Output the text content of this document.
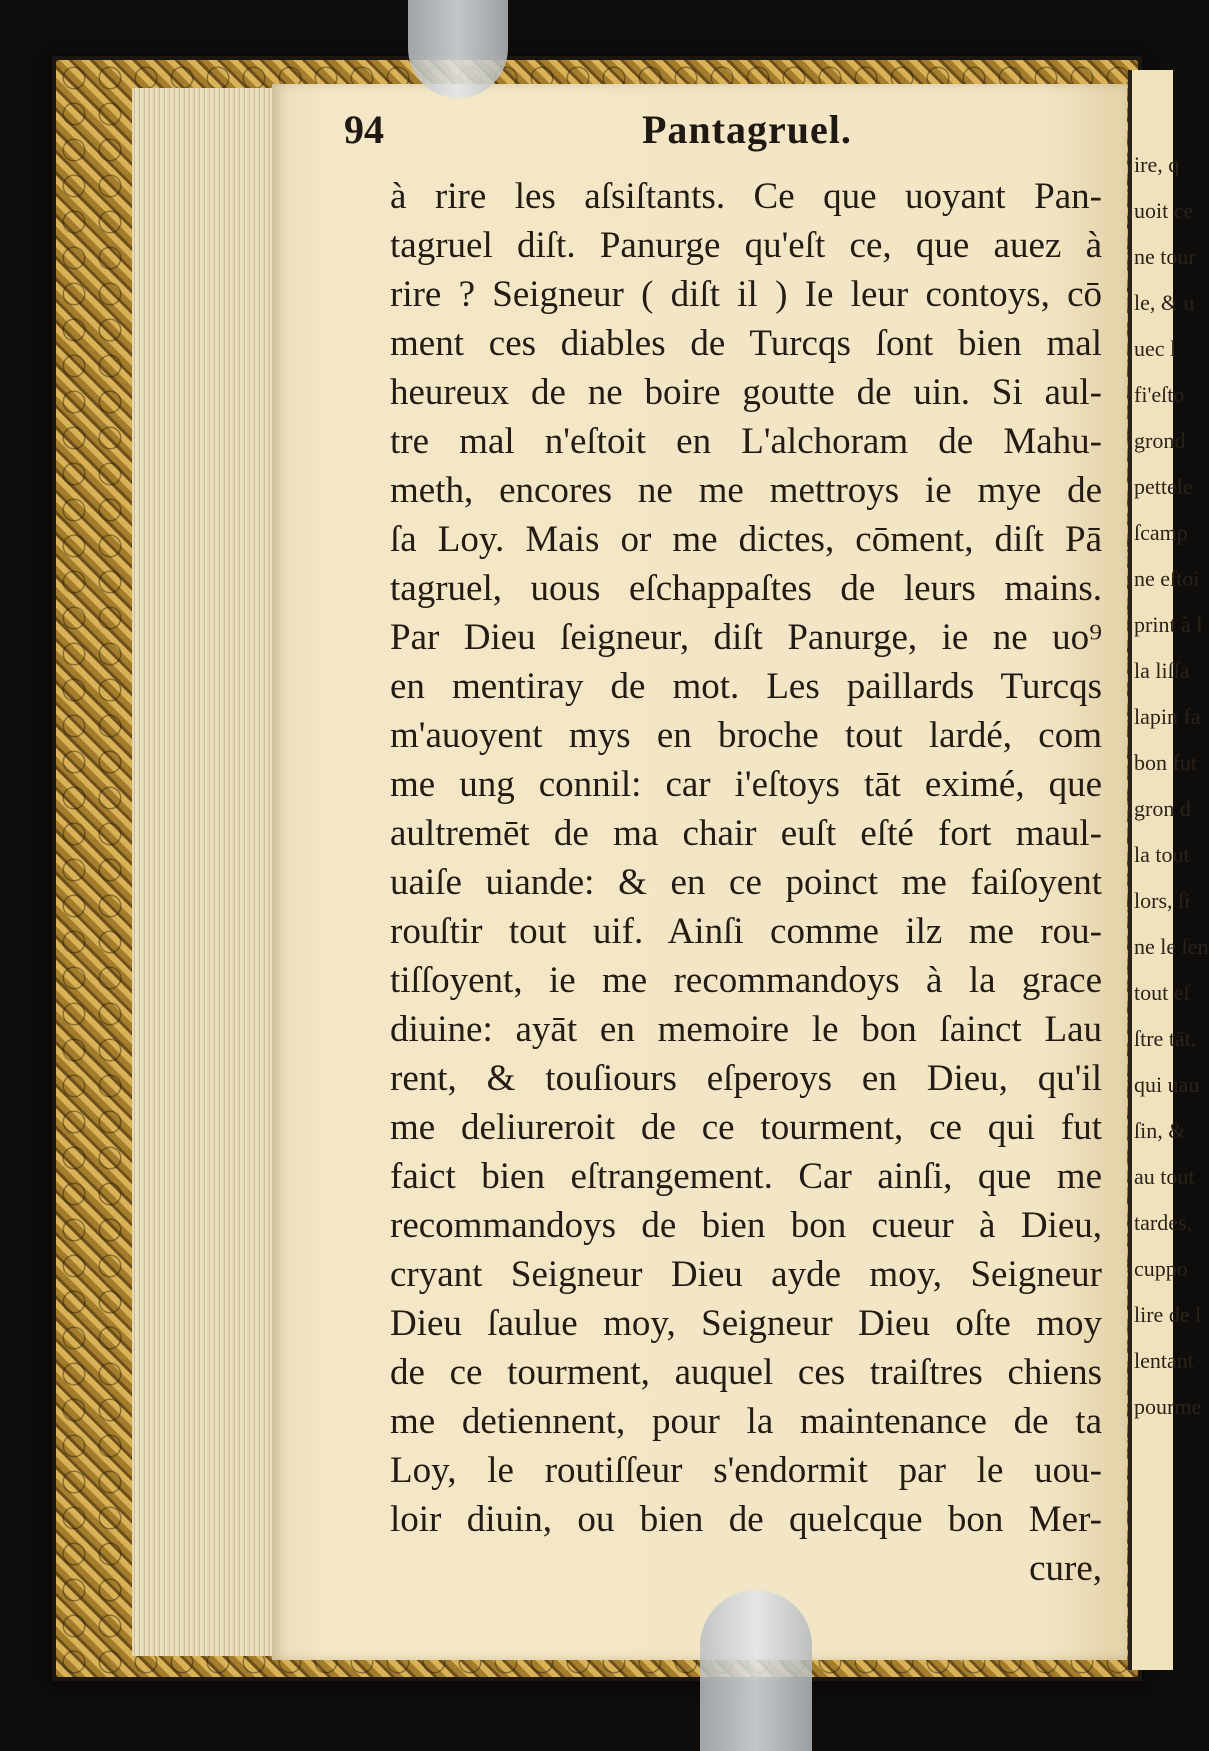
ire, q
uoit ce
ne tour
le, & u
uec l
fi'eſto
grond
pettele
ſcamp
ne eſtoi
print à l
la liſſa
lapin fa
bon fut
gron d
la tout
lors, ſi
ne le ſen
tout eſ
ſtre tāt,
qui uau
ſin, &
au tout
tardes,
cuppo
lire de l
lentant
pourme
94	Pantagruel.
à rire les aſsiſtants. Ce que uoyant Pan-
tagruel diſt. Panurge qu'eſt ce, que auez à
rire ? Seigneur ( diſt il ) Ie leur contoys, cō
ment ces diables de Turcqs ſont bien mal
heureux de ne boire goutte de uin. Si aul-
tre mal n'eſtoit en L'alchoram de Mahu-
meth, encores ne me mettroys ie mye de
ſa Loy. Mais or me dictes, cōment, diſt Pā
tagruel, uous eſchappaſtes de leurs mains.
Par Dieu ſeigneur, diſt Panurge, ie ne uo⁹
en mentiray de mot. Les paillards Turcqs
m'auoyent mys en broche tout lardé, com
me ung connil: car i'eſtoys tāt eximé, que
aultremēt de ma chair euſt eſté fort maul-
uaiſe uiande: & en ce poinct me faiſoyent
rouſtir tout uif. Ainſi comme ilz me rou-
tiſſoyent, ie me recommandoys à la grace
diuine: ayāt en memoire le bon ſainct Lau
rent, & touſiours eſperoys en Dieu, qu'il
me deliureroit de ce tourment, ce qui fut
faict bien eſtrangement. Car ainſi, que me
recommandoys de bien bon cueur à Dieu,
cryant Seigneur Dieu ayde moy, Seigneur
Dieu ſaulue moy, Seigneur Dieu oſte moy
de ce tourment, auquel ces traiſtres chiens
me detiennent, pour la maintenance de ta
Loy, le routiſſeur s'endormit par le uou-
loir diuin, ou bien de quelcque bon Mer-
cure,
